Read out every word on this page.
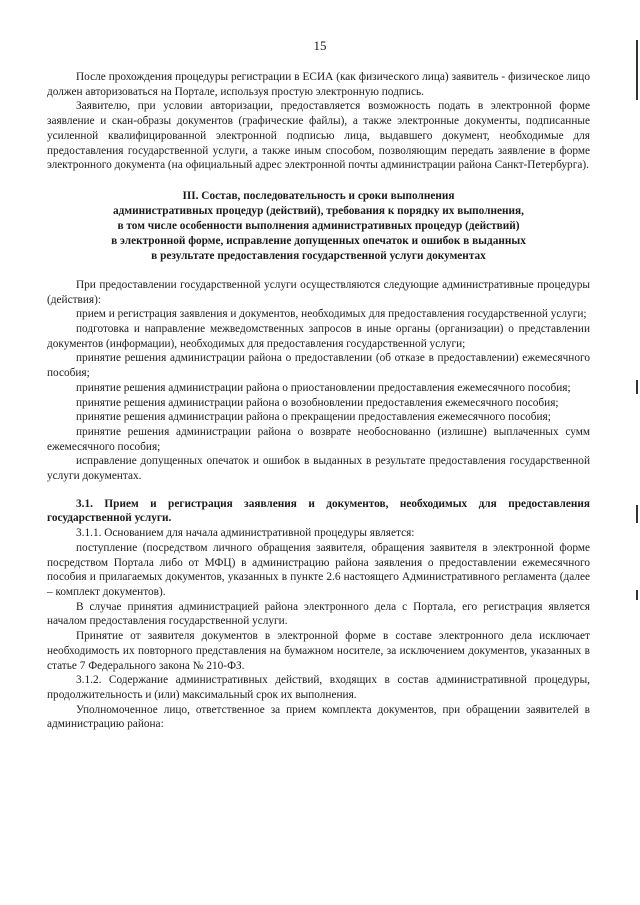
15

После прохождения процедуры регистрации в ЕСИА (как физического лица) заявитель - физическое лицо должен авторизоваться на Портале, используя простую электронную подпись.

Заявителю, при условии авторизации, предоставляется возможность подать в электронной форме заявление и скан-образы документов (графические файлы), а также электронные документы, подписанные усиленной квалифицированной электронной подписью лица, выдавшего документ, необходимые для предоставления государственной услуги, а также иным способом, позволяющим передать заявление в форме электронного документа (на официальный адрес электронной почты администрации района Санкт-Петербурга).

III. Состав, последовательность и сроки выполнения
административных процедур (действий), требования к порядку их выполнения,
в том числе особенности выполнения административных процедур (действий)
в электронной форме, исправление допущенных опечаток и ошибок в выданных
в результате предоставления государственной услуги документах

При предоставлении государственной услуги осуществляются следующие административные процедуры (действия):

прием и регистрация заявления и документов, необходимых для предоставления государственной услуги;

подготовка и направление межведомственных запросов в иные органы (организации) о представлении документов (информации), необходимых для предоставления государственной услуги;

принятие решения администрации района о предоставлении (об отказе в предоставлении) ежемесячного пособия;

принятие решения администрации района о приостановлении предоставления ежемесячного пособия;

принятие решения администрации района о возобновлении предоставления ежемесячного пособия;

принятие решения администрации района о прекращении предоставления ежемесячного пособия;

принятие решения администрации района о возврате необоснованно (излишне) выплаченных сумм ежемесячного пособия;

исправление допущенных опечаток и ошибок в выданных в результате предоставления государственной услуги документах.

3.1. Прием и регистрация заявления и документов, необходимых для предоставления государственной услуги.

3.1.1. Основанием для начала административной процедуры является:

поступление (посредством личного обращения заявителя, обращения заявителя в электронной форме посредством Портала либо от МФЦ) в администрацию района заявления о предоставлении ежемесячного пособия и прилагаемых документов, указанных в пункте 2.6 настоящего Административного регламента (далее – комплект документов).

В случае принятия администрацией района электронного дела с Портала, его регистрация является началом предоставления государственной услуги.

Принятие от заявителя документов в электронной форме в составе электронного дела исключает необходимость их повторного представления на бумажном носителе, за исключением документов, указанных в статье 7 Федерального закона № 210-ФЗ.

3.1.2. Содержание административных действий, входящих в состав административной процедуры, продолжительность и (или) максимальный срок их выполнения.

Уполномоченное лицо, ответственное за прием комплекта документов, при обращении заявителей в администрацию района:
